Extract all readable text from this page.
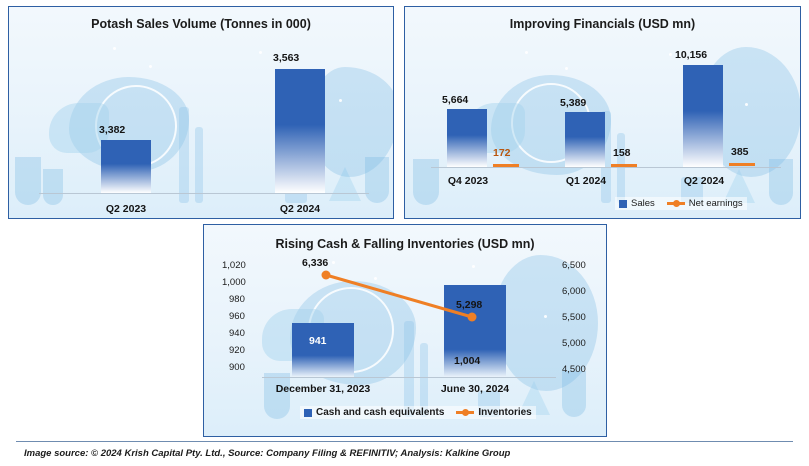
Potash Sales Volume (Tonnes in 000)
3,382
Q2 2023
3,563
Q2 2024
Improving Financials (USD mn)
5,664
172
Q4 2023
5,389
158
Q1 2024
10,156
385
Q2 2024
Sales	Net earnings
Rising Cash & Falling Inventories (USD mn)
1,020
1,000
980
960
940
920
900
6,500
6,000
5,500
5,000
4,500
941
December 31, 2023
1,004
June 30, 2024
6,336
5,298
Cash and cash equivalents	Inventories
Image source: © 2024 Krish Capital Pty. Ltd., Source: Company Filing & REFINITIV; Analysis: Kalkine Group
